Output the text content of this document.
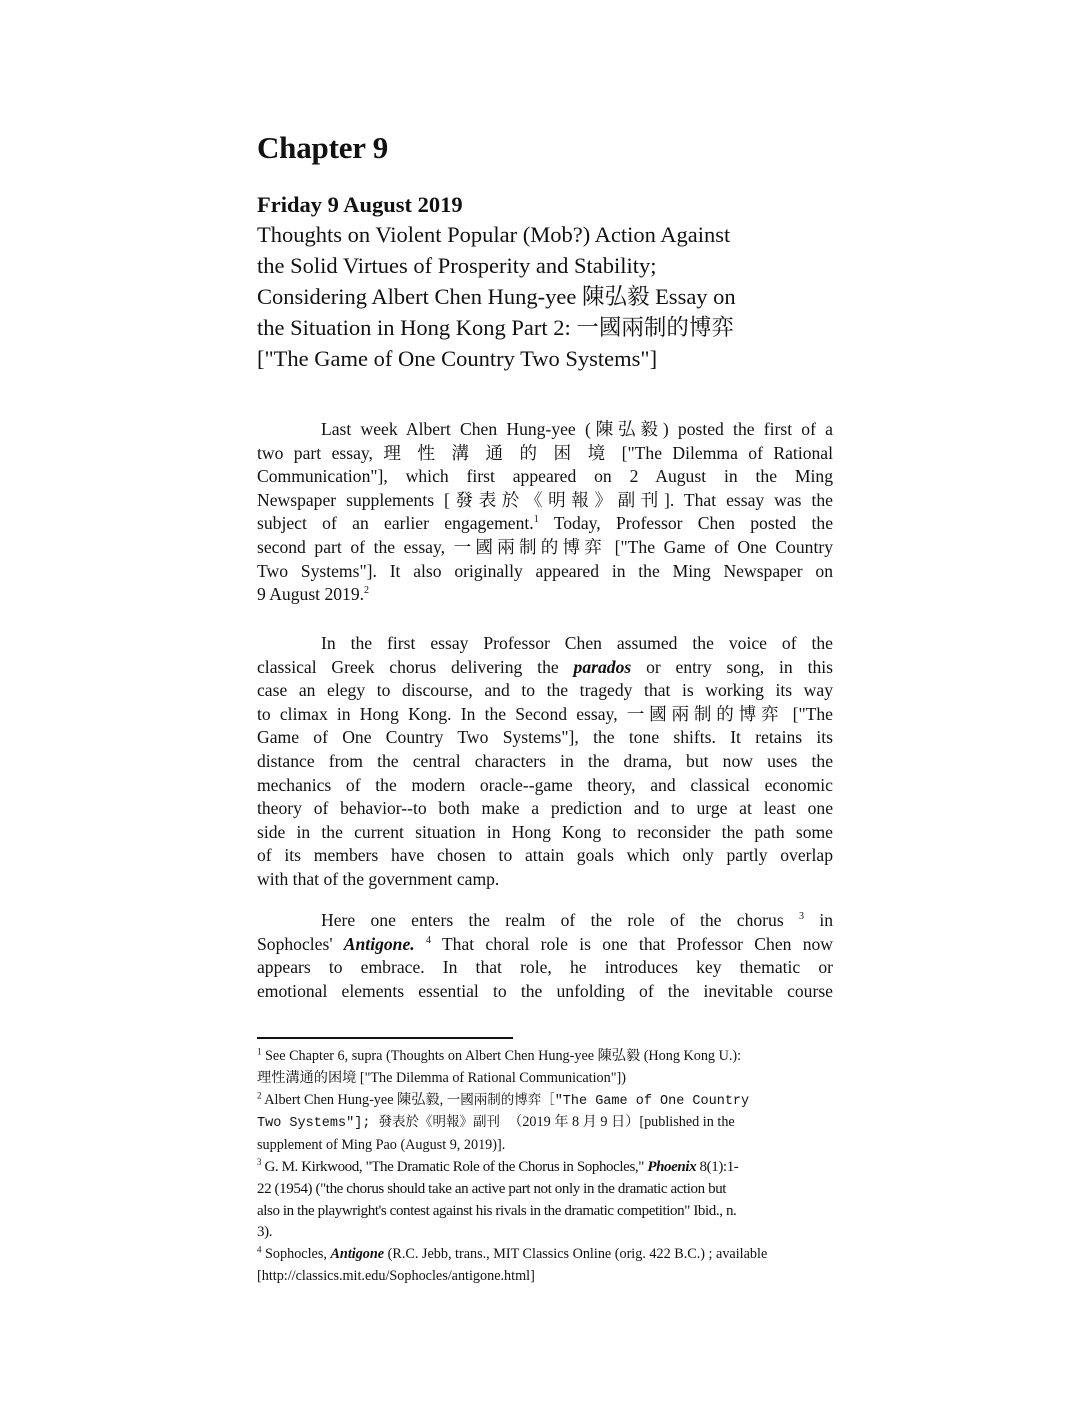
Chapter 9
Friday 9 August 2019
Thoughts on Violent Popular (Mob?) Action Against
the Solid Virtues of Prosperity and Stability;
Considering Albert Chen Hung-yee 陳弘毅 Essay on
the Situation in Hong Kong Part 2: 一國兩制的博弈
["The Game of One Country Two Systems"]
Last week Albert Chen Hung-yee (陳弘毅) posted the first of a
two part essay, 理 性 溝 通 的 困 境 ["The Dilemma of Rational
Communication"], which first appeared on 2 August in the Ming
Newspaper supplements [發表於《明報》副刊]. That essay was the
subject of an earlier engagement.$^1$ Today, Professor Chen posted the
second part of the essay, 一國兩制的博弈 ["The Game of One Country
Two Systems"]. It also originally appeared in the Ming Newspaper on
9 August 2019.$^2$
In the first essay Professor Chen assumed the voice of the
classical Greek chorus delivering the parados or entry song, in this
case an elegy to discourse, and to the tragedy that is working its way
to climax in Hong Kong. In the Second essay, 一國兩制的博弈 ["The
Game of One Country Two Systems"], the tone shifts. It retains its
distance from the central characters in the drama, but now uses the
mechanics of the modern oracle--game theory, and classical economic
theory of behavior--to both make a prediction and to urge at least one
side in the current situation in Hong Kong to reconsider the path some
of its members have chosen to attain goals which only partly overlap
with that of the government camp.
Here one enters the realm of the role of the chorus $^3$ in
Sophocles' Antigone. $^4$ That choral role is one that Professor Chen now
appears to embrace. In that role, he introduces key thematic or
emotional elements essential to the unfolding of the inevitable course
$^1$ See Chapter 6, supra (Thoughts on Albert Chen Hung-yee 陳弘毅 (Hong Kong U.):
理性溝通的困境 ["The Dilemma of Rational Communication"])
$^2$ Albert Chen Hung-yee 陳弘毅, 一國兩制的博弈［"The Game of One Country
Two Systems"]; 發表於《明報》副刊 （2019 年 8 月 9 日）[published in the
supplement of Ming Pao (August 9, 2019)].
$^3$ G. M. Kirkwood, "The Dramatic Role of the Chorus in Sophocles," Phoenix 8(1):1-
22 (1954) ("the chorus should take an active part not only in the dramatic action but
also in the playwright's contest against his rivals in the dramatic competition" Ibid., n.
3).
$^4$ Sophocles, Antigone (R.C. Jebb, trans., MIT Classics Online (orig. 422 B.C.) ; available
[http://classics.mit.edu/Sophocles/antigone.html]
